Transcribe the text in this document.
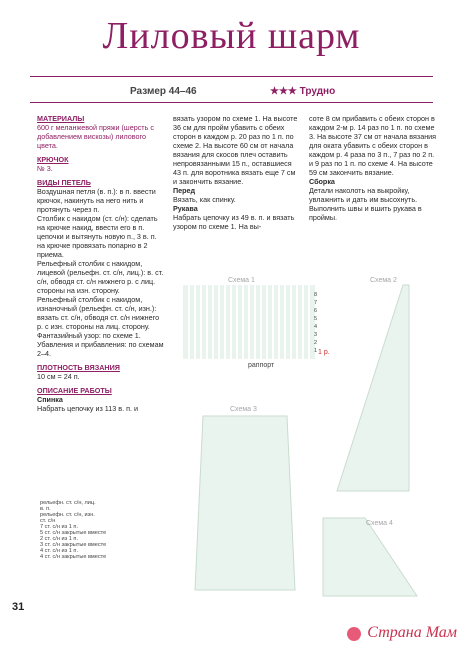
Лиловый шарм
Размер 44–46	★★★ Трудно

МАТЕРИАЛЫ

600 г меланжевой пряжи (шерсть с добавлением вискозы) лилового цвета.

КРЮЧОК

№ 3.

ВИДЫ ПЕТЕЛЬ

Воздушная петля (в. п.): в п. ввести крючок, накинуть на него нить и протянуть через п.

Столбик с накидом (ст. с/н): сделать на крючке накид, ввести его в п. цепочки и вытянуть новую п., 3 в. п. на крючке провязать попарно в 2 приема.

Рельефный столбик с накидом, лицевой (рельефн. ст. с/н, лиц.): в. ст. с/н, обводя ст. с/н нижнего р. с лиц. стороны на изн. сторону.

Рельефный столбик с накидом, изнаночный (рельефн. ст. с/н, изн.): вязать ст. с/н, обводя ст. с/н нижнего р. с изн. стороны на лиц. сторону.

Фантазийный узор: по схеме 1.

Убавления и прибавления: по схемам 2–4.

ПЛОТНОСТЬ ВЯЗАНИЯ

10 см = 24 п.

ОПИСАНИЕ РАБОТЫ

Спинка

Набрать цепочку из 113 в. п. и

вязать узором по схеме 1. На высоте 36 см для пройм убавить с обеих сторон в каждом р. 20 раз по 1 п. по схеме 2. На высоте 60 см от начала вязания для скосов плеч оставить непровязанными 15 п., оставшиеся 43 п. для воротника вязать еще 7 см и закончить вязание.

Перед

Вязать, как спинку.

Рукава

Набрать цепочку из 49 в. п. и вязать узором по схеме 1. На вы-

соте 8 см прибавить с обеих сторон в каждом 2-м р. 14 раз по 1 п. по схеме 3. На высоте 37 см от начала вязания для оката убавить с обеих сторон в каждом р. 4 раза по 3 п., 7 раз по 2 п. и 9 раз по 1 п. по схеме 4. На высоте 59 см закончить вязание.

Сборка

Детали наколоть на выкройку, увлажнить и дать им высохнуть. Выполнить швы и вшить рукава в проймы.

Схема 1
раппорт
1 р.
8
7
6
5
4
3
2
1
Схема 2
Схема 3
Схема 4
рельефн. ст. с/н, лиц.
в. п.
рельефн. ст. с/н, изн.
ст. с/н
7 ст. с/н из 1 п.
5 ст. с/н закрытые вместе
2 ст. с/н из 1 п.
3 ст. с/н закрытые вместе
4 ст. с/н из 1 п.
4 ст. с/н закрытые вместе
31
Страна Мам
